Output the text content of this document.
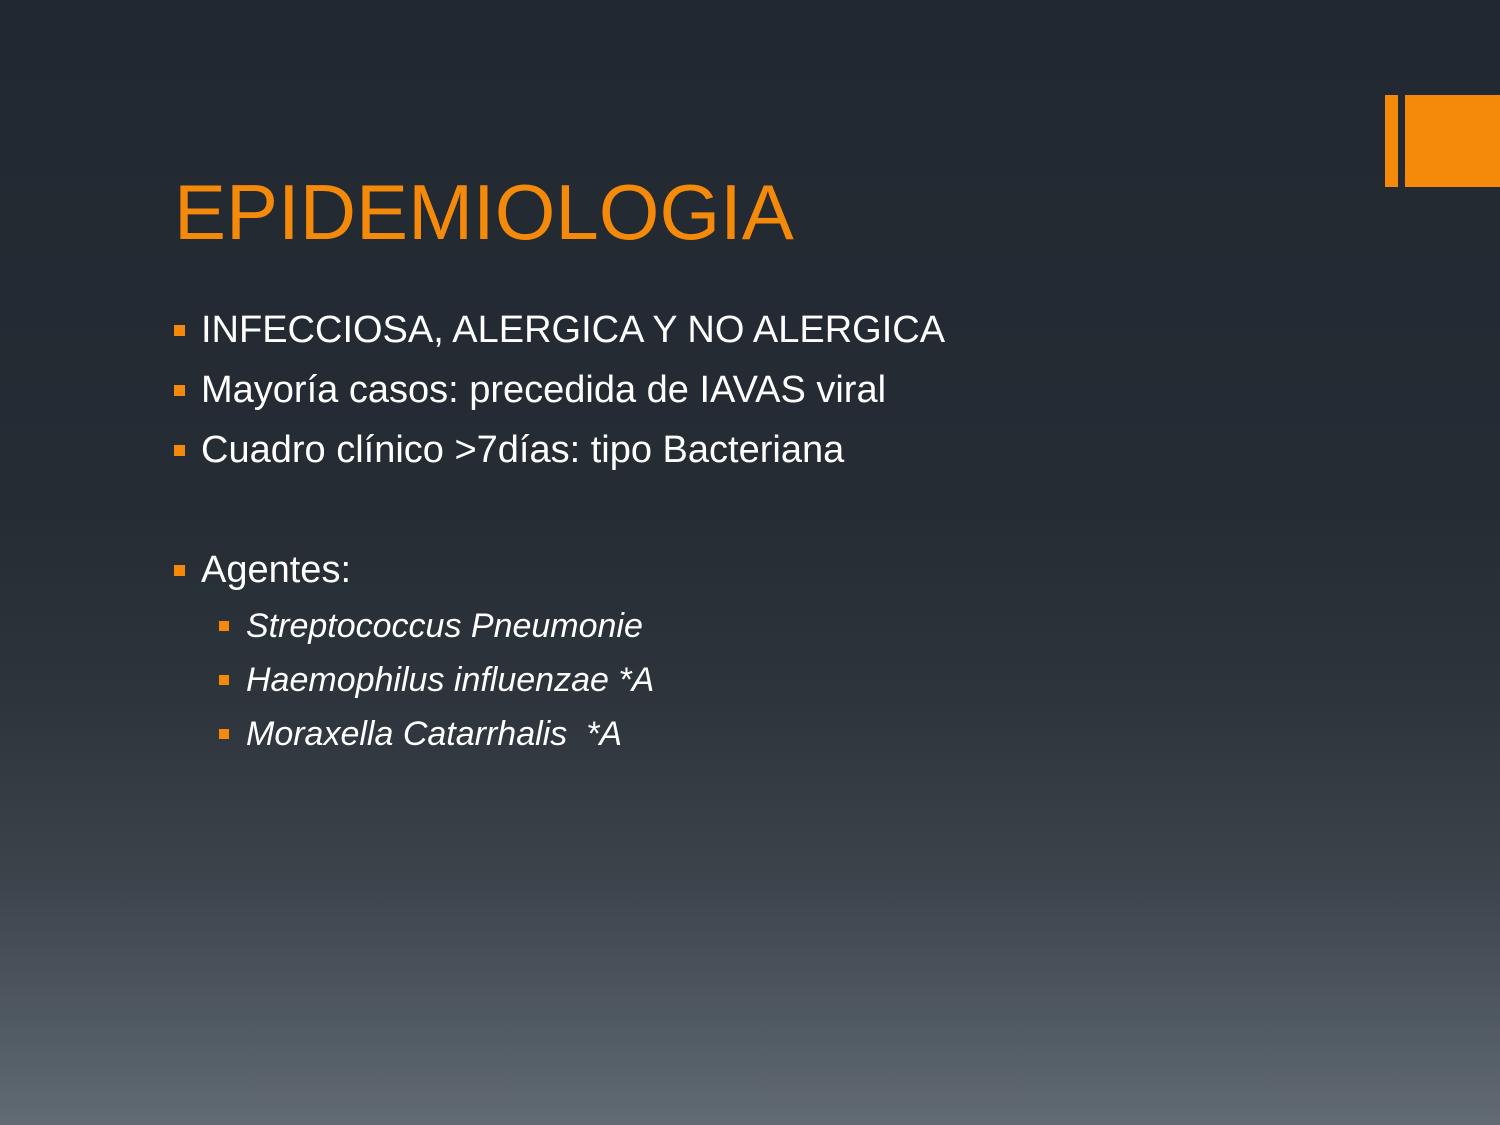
EPIDEMIOLOGIA
INFECCIOSA, ALERGICA Y NO ALERGICA
Mayoría casos: precedida de IAVAS viral
Cuadro clínico >7días: tipo Bacteriana
Agentes:
Streptococcus Pneumonie
Haemophilus influenzae *A
Moraxella Catarrhalis  *A
